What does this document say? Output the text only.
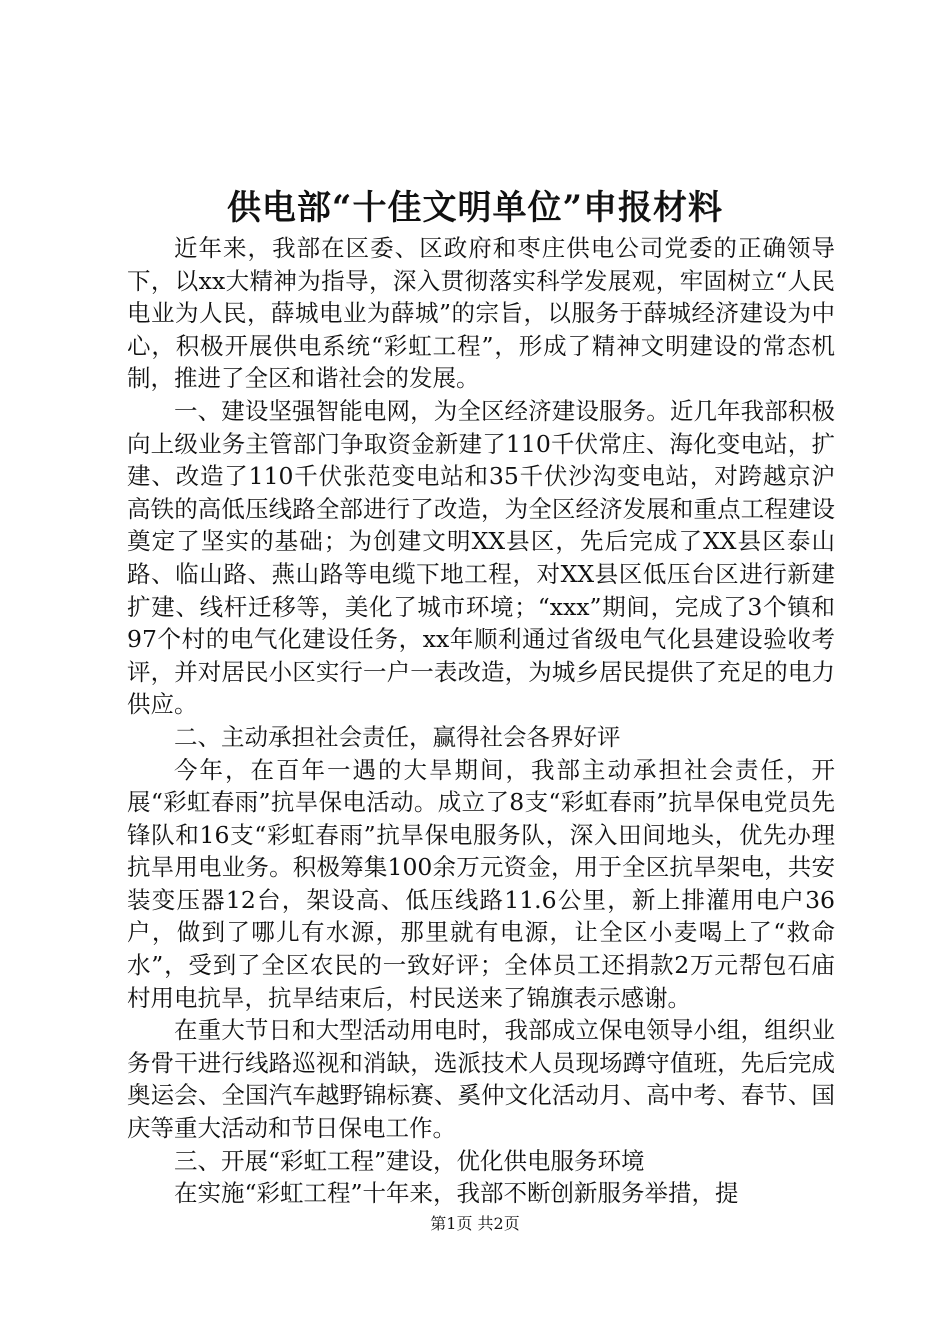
供电部“十佳文明单位”申报材料

近年来，我部在区委、区政府和枣庄供电公司党委的正确领导下，以xx大精神为指导，深入贯彻落实科学发展观，牢固树立“人民电业为人民，薛城电业为薛城”的宗旨，以服务于薛城经济建设为中心，积极开展供电系统“彩虹工程”，形成了精神文明建设的常态机制，推进了全区和谐社会的发展。

一、建设坚强智能电网，为全区经济建设服务。近几年我部积极向上级业务主管部门争取资金新建了110千伏常庄、海化变电站，扩建、改造了110千伏张范变电站和35千伏沙沟变电站，对跨越京沪高铁的高低压线路全部进行了改造，为全区经济发展和重点工程建设奠定了坚实的基础；为创建文明XX县区，先后完成了XX县区泰山路、临山路、燕山路等电缆下地工程，对XX县区低压台区进行新建扩建、线杆迁移等，美化了城市环境；“xxx”期间，完成了3个镇和97个村的电气化建设任务，xx年顺利通过省级电气化县建设验收考评，并对居民小区实行一户一表改造，为城乡居民提供了充足的电力供应。

二、主动承担社会责任，赢得社会各界好评

今年，在百年一遇的大旱期间，我部主动承担社会责任，开展“彩虹春雨”抗旱保电活动。成立了8支“彩虹春雨”抗旱保电党员先锋队和16支“彩虹春雨”抗旱保电服务队，深入田间地头，优先办理抗旱用电业务。积极筹集100余万元资金，用于全区抗旱架电，共安装变压器12台，架设高、低压线路11.6公里，新上排灌用电户36户，做到了哪儿有水源，那里就有电源，让全区小麦喝上了“救命水”，受到了全区农民的一致好评；全体员工还捐款2万元帮包石庙村用电抗旱，抗旱结束后，村民送来了锦旗表示感谢。

在重大节日和大型活动用电时，我部成立保电领导小组，组织业务骨干进行线路巡视和消缺，选派技术人员现场蹲守值班，先后完成奥运会、全国汽车越野锦标赛、奚仲文化活动月、高中考、春节、国庆等重大活动和节日保电工作。

三、开展“彩虹工程”建设，优化供电服务环境

在实施“彩虹工程”十年来，我部不断创新服务举措，提

第1页 共2页
